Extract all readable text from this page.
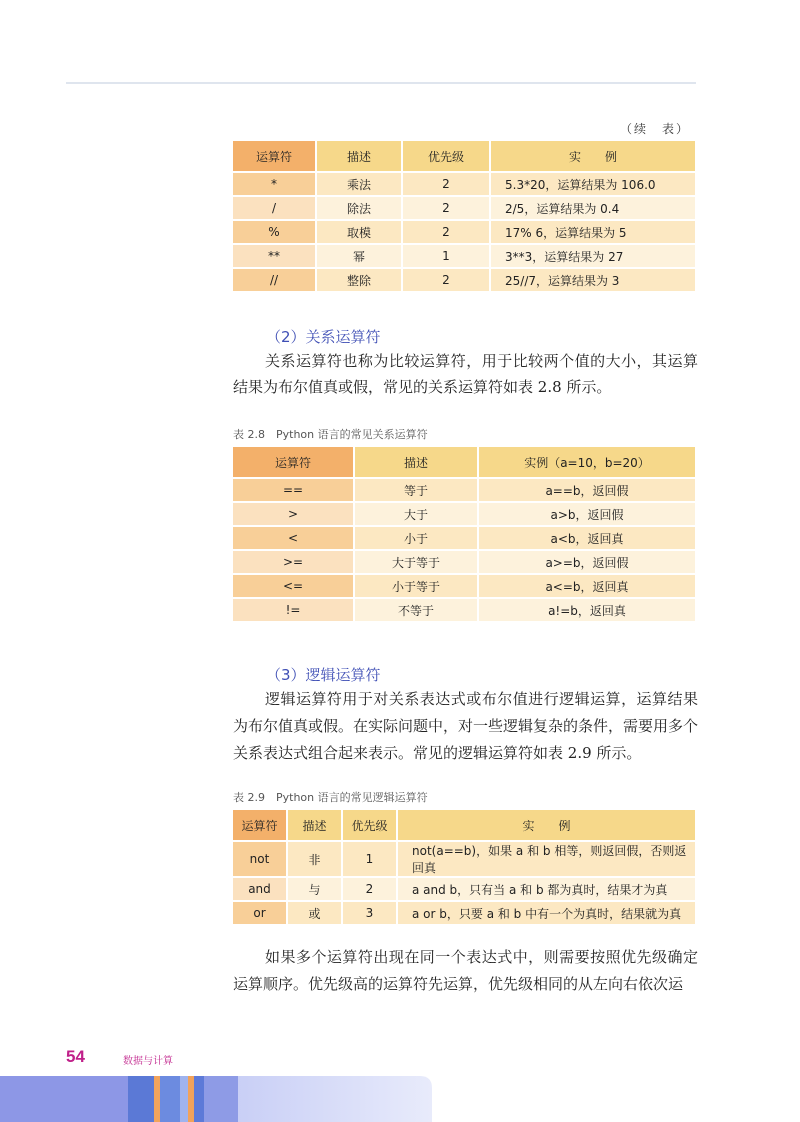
（续　表）
运算符	描述	优先级	实　　例
*	乘法	2	5.3*20，运算结果为 106.0
/	除法	2	2/5，运算结果为 0.4
%	取模	2	17% 6，运算结果为 5
**	幂	1	3**3，运算结果为 27
//	整除	2	25//7，运算结果为 3
（2）关系运算符
关系运算符也称为比较运算符，用于比较两个值的大小，其运算结果为布尔值真或假，常见的关系运算符如表 2.8 所示。
表 2.8　Python 语言的常见关系运算符
运算符	描述	实例（a=10，b=20）
==	等于	a==b，返回假
>	大于	a>b，返回假
<	小于	a<b，返回真
>=	大于等于	a>=b，返回假
<=	小于等于	a<=b，返回真
!=	不等于	a!=b，返回真
（3）逻辑运算符
逻辑运算符用于对关系表达式或布尔值进行逻辑运算，运算结果为布尔值真或假。在实际问题中，对一些逻辑复杂的条件，需要用多个关系表达式组合起来表示。常见的逻辑运算符如表 2.9 所示。
表 2.9　Python 语言的常见逻辑运算符
运算符	描述	优先级	实　　例
not	非	1	not(a==b)，如果 a 和 b 相等，则返回假，否则返回真
and	与	2	a and b，只有当 a 和 b 都为真时，结果才为真
or	或	3	a or b，只要 a 和 b 中有一个为真时，结果就为真
如果多个运算符出现在同一个表达式中，则需要按照优先级确定运算顺序。优先级高的运算符先运算，优先级相同的从左向右依次运
54	数据与计算
